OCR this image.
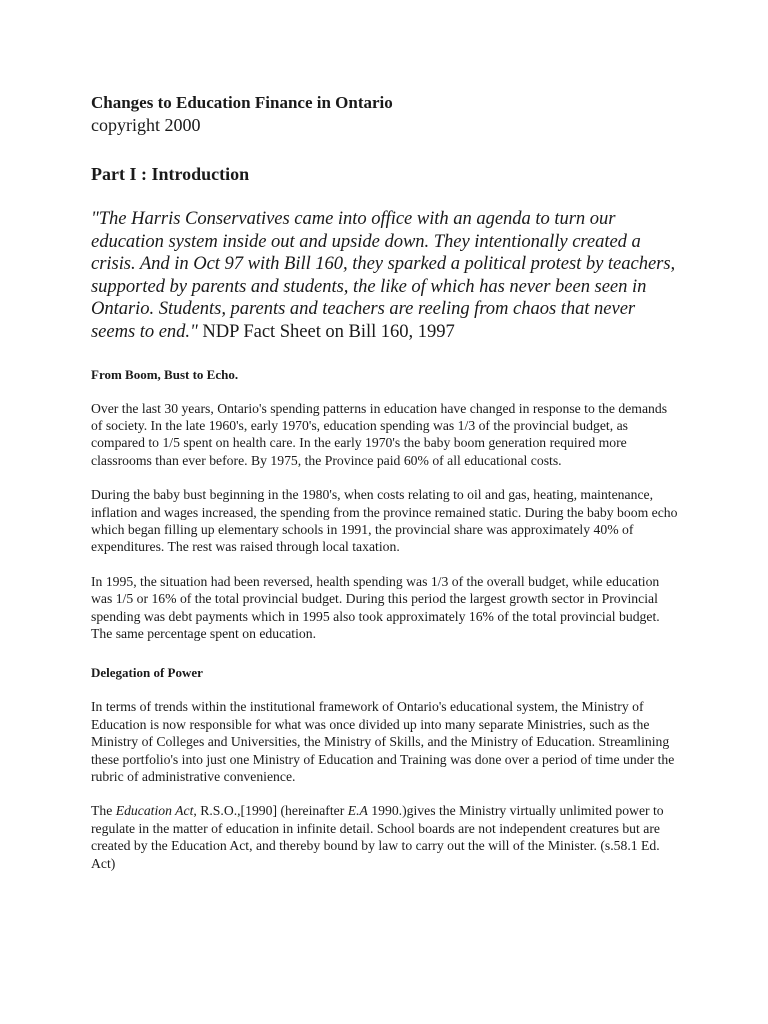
Changes to Education Finance in Ontario

copyright 2000

Part I : Introduction

"The Harris Conservatives came into office with an agenda to turn our education system inside out and upside down. They intentionally created a crisis. And in Oct 97 with Bill 160, they sparked a political protest by teachers, supported by parents and students, the like of which has never been seen in Ontario. Students, parents and teachers are reeling from chaos that never seems to end." NDP Fact Sheet on Bill 160, 1997

From Boom, Bust to Echo.

Over the last 30 years, Ontario's spending patterns in education have changed in response to the demands of society. In the late 1960's, early 1970's, education spending was 1/3 of the provincial budget, as compared to 1/5 spent on health care. In the early 1970's the baby boom generation required more classrooms than ever before. By 1975, the Province paid 60% of all educational costs.

During the baby bust beginning in the 1980's, when costs relating to oil and gas, heating, maintenance, inflation and wages increased, the spending from the province remained static. During the baby boom echo which began filling up elementary schools in 1991, the provincial share was approximately 40% of expenditures. The rest was raised through local taxation.

In 1995, the situation had been reversed, health spending was 1/3 of the overall budget, while education was 1/5 or 16% of the total provincial budget. During this period the largest growth sector in Provincial spending was debt payments which in 1995 also took approximately 16% of the total provincial budget. The same percentage spent on education.

Delegation of Power

In terms of trends within the institutional framework of Ontario's educational system, the Ministry of Education is now responsible for what was once divided up into many separate Ministries, such as the Ministry of Colleges and Universities, the Ministry of Skills, and the Ministry of Education. Streamlining these portfolio's into just one Ministry of Education and Training was done over a period of time under the rubric of administrative convenience.

The Education Act, R.S.O.,[1990] (hereinafter E.A 1990.)gives the Ministry virtually unlimited power to regulate in the matter of education in infinite detail. School boards are not independent creatures but are created by the Education Act, and thereby bound by law to carry out the will of the Minister. (s.58.1 Ed. Act)
